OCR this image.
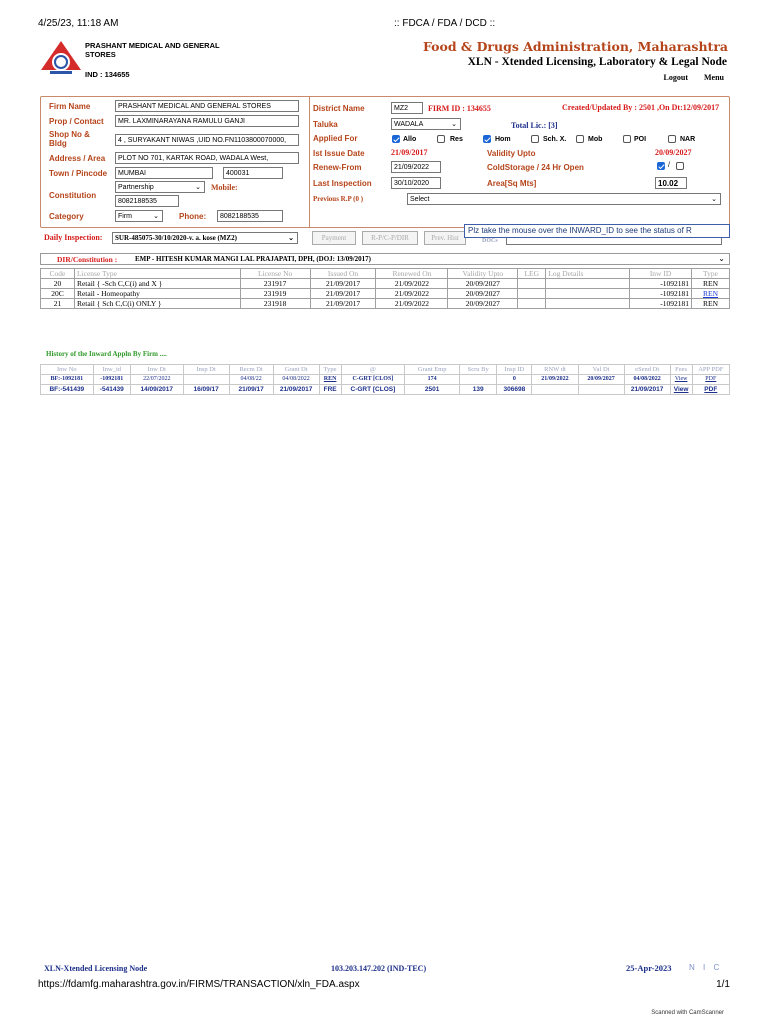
4/25/23, 11:18 AM	:: FDCA / FDA / DCD ::
PRASHANT MEDICAL AND GENERAL STORES
IND : 134655
Food & Drugs Administration, Maharashtra
XLN - Xtended Licensing, Laboratory & Legal Node
Logout Menu
Firm Name	PRASHANT MEDICAL AND GENERAL STORES
Prop / Contact	MR. LAXMINARAYANA RAMULU GANJI
Shop No & Bldg	4 , SURYAKANT NIWAS ,UID NO.FN1103800070000,
Address / Area	PLOT NO 701, KARTAK ROAD, WADALA West,
Town / Pincode	MUMBAI	400031
Constitution
Partnership	⌄ Mobile:
8082188535
Category	Firm	⌄	Phone:	8082188535
District Name	MZ2	FIRM ID : 134655	Created/Updated By : 2501 ,On Dt:12/09/2017
Taluka	WADALA	⌄	Total Lic.: [3]
Applied For	Allo	Res	Hom	Sch. X.	Mob	POI	NAR
Ist Issue Date	21/09/2017	Validity Upto	20/09/2027
Renew-From	21/09/2022	ColdStorage / 24 Hr Open	/
Last Inspection	30/10/2020	Area[Sq Mts]	10.02
Previous R.P (0 )	Select	⌄
Daily Inspection:	SUR-485075-30/10/2020-v. a. kose (MZ2)	⌄	Payment	R-P/C-P/DIR	Prev. Hist	DOCs
Plz take the mouse over the INWARD_ID to see the status of R
DIR/Constitution :	EMP - HITESH KUMAR MANGI LAL PRAJAPATI, DPH, (DOJ: 13/09/2017)	⌄
Code	License Type	License No	Issued On	Renewed On	Validity Upto	LEG	Log Details	Inw ID	Type
20	Retail { -Sch C,C(i) and X }	231917	21/09/2017	21/09/2022	20/09/2027			-1092181	REN
20C	Retail - Homeopathy	231919	21/09/2017	21/09/2022	20/09/2027			-1092181	REN
21	Retail { Sch C,C(i) ONLY }	231918	21/09/2017	21/09/2022	20/09/2027			-1092181	REN
History of the Inward Appln By Firm ....
Inw No	Inw_id	Inw Dt	Insp Dt	Recm Dt	Grant Dt	Type	@	Grant Emp	Scru By	Insp ID	RNW dt	Val Dt	eSend Dt	Fees	APP PDF
BF:-1092181	-1092181	22/07/2022		04/08/22	04/08/2022	REN	C-GRT [CLOS]	174		0	21/09/2022	20/09/2027	04/08/2022	View	PDF
BF:-541439	-541439	14/09/2017	16/09/17	21/09/17	21/09/2017	FRE	C-GRT [CLOS]	2501	139	306698			21/09/2017	View	PDF
XLN-Xtended Licensing Node	103.203.147.202 (IND-TEC)	25-Apr-2023 N I C
https://fdamfg.maharashtra.gov.in/FIRMS/TRANSACTION/xln_FDA.aspx	1/1
Scanned with CamScanner
